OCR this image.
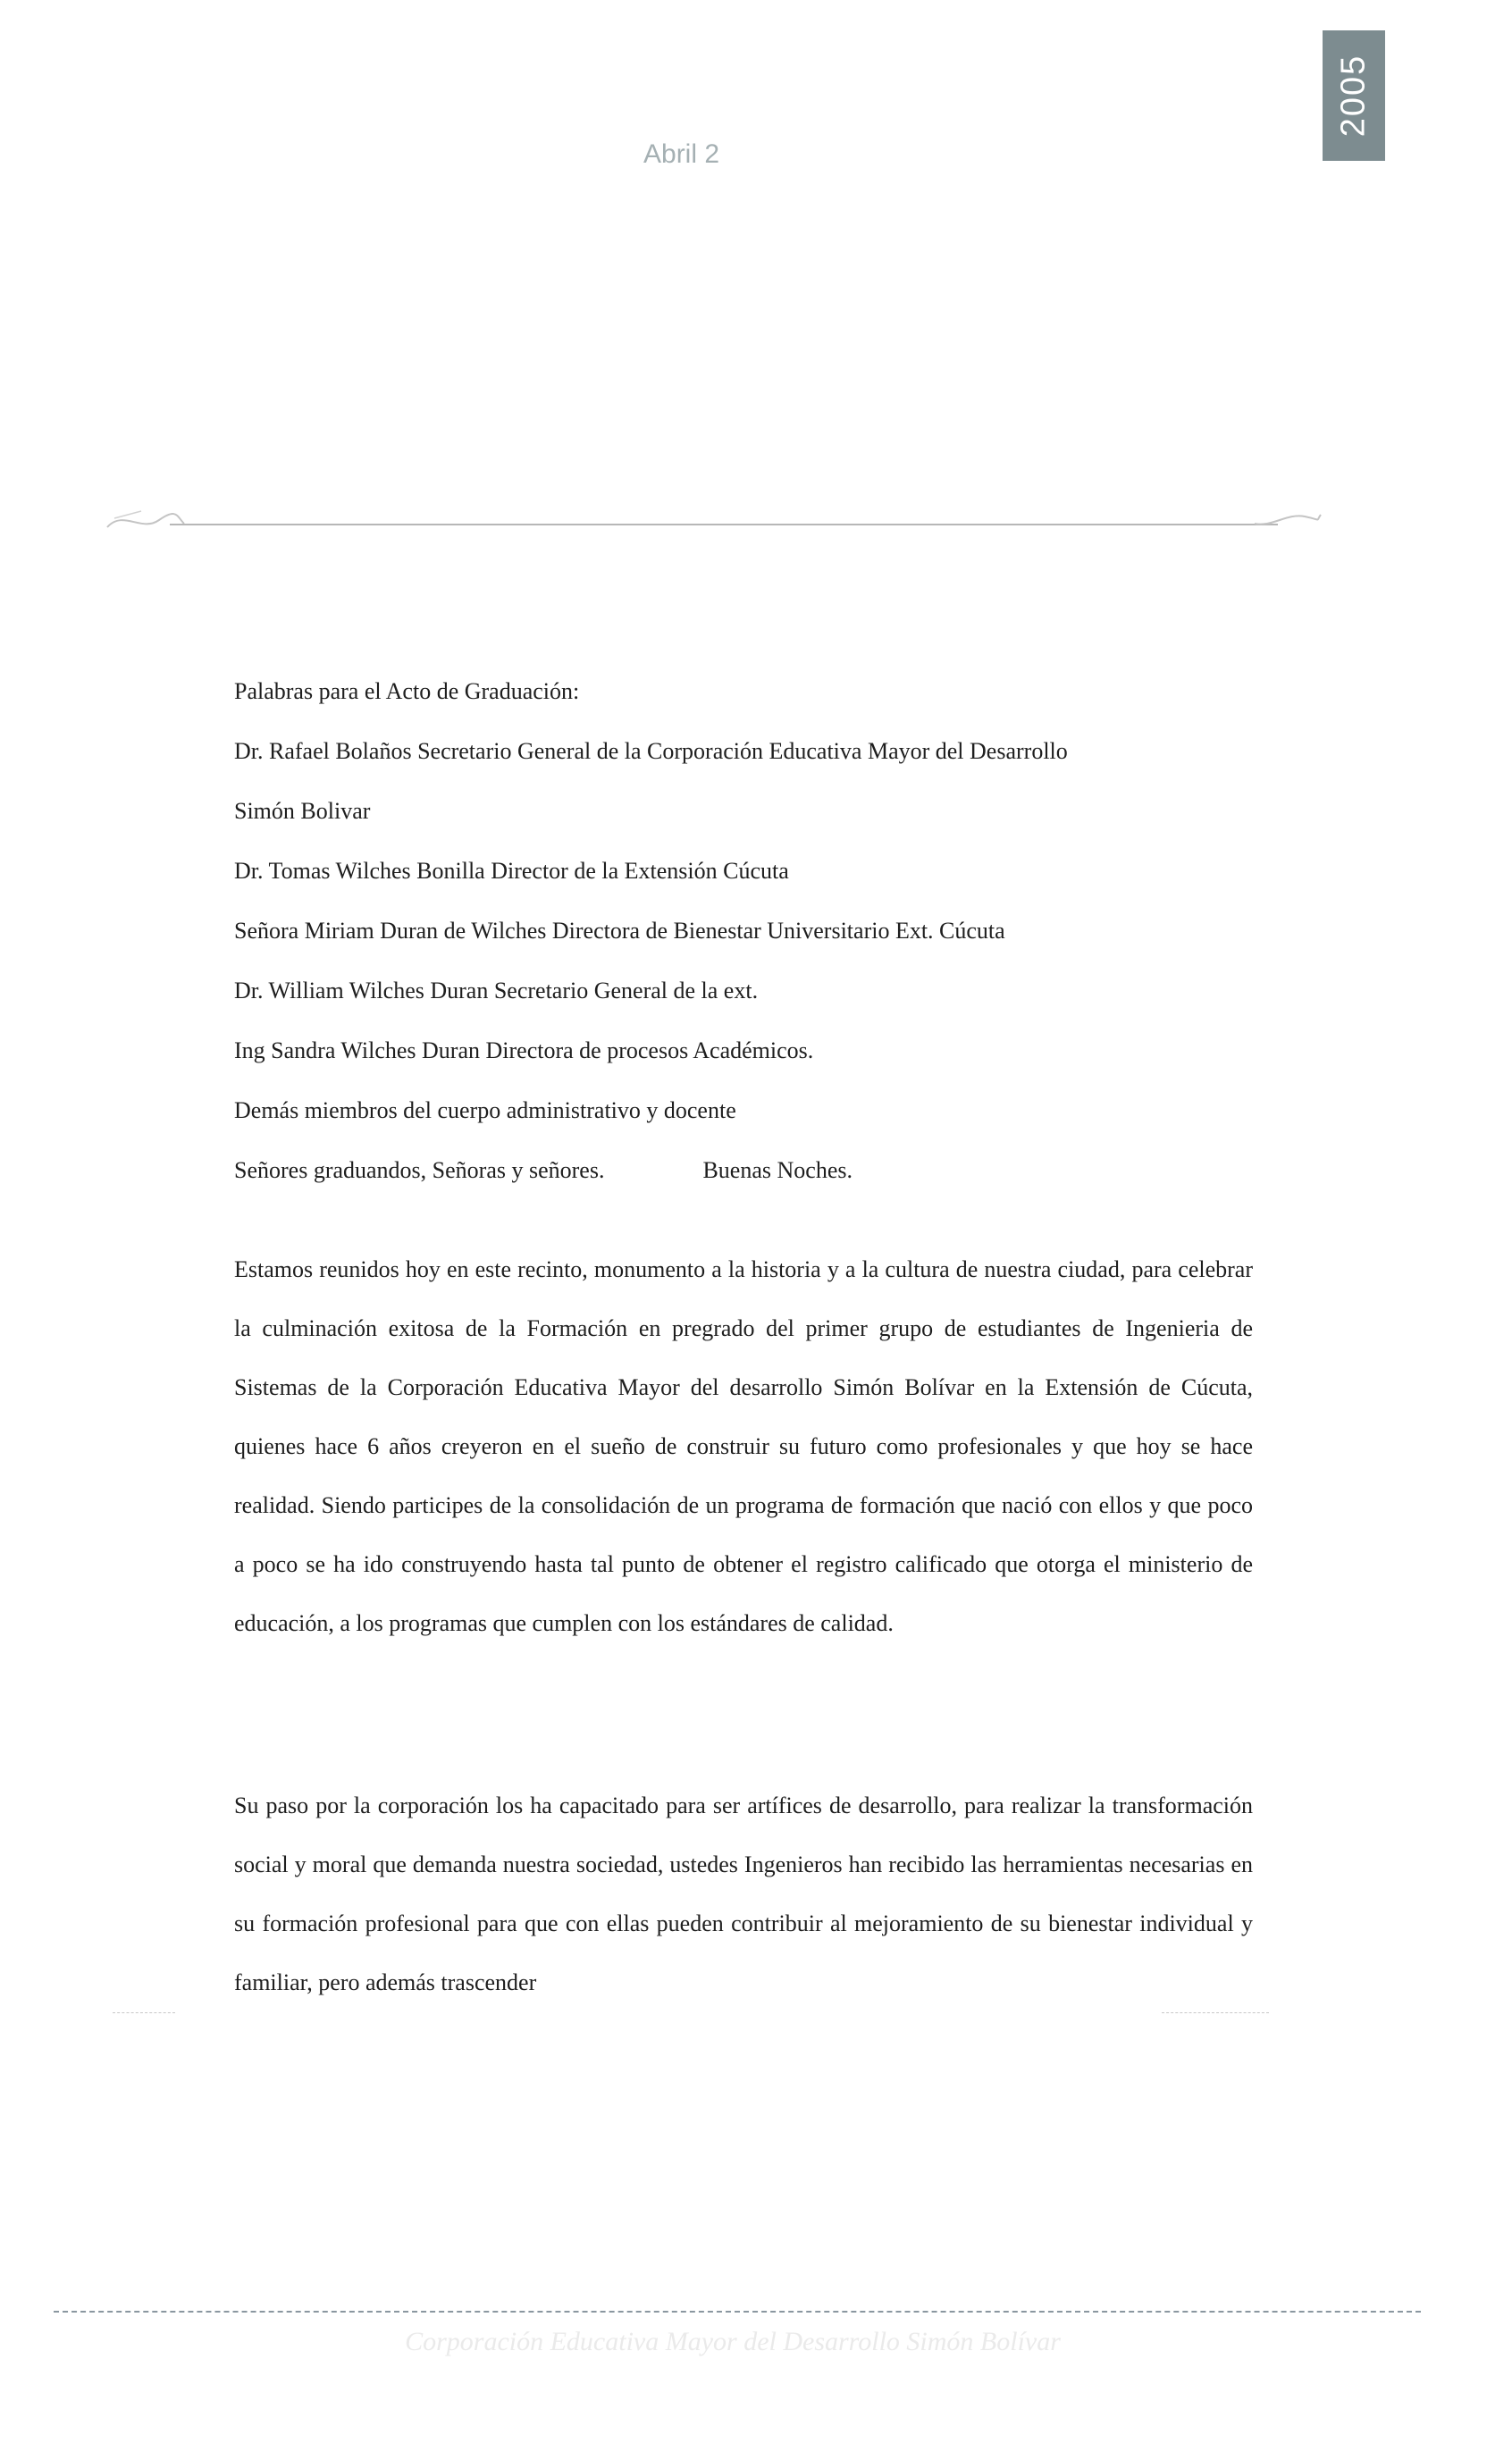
2005
Abril 2
Palabras para el Acto de Graduación:
Dr. Rafael Bolaños Secretario General de la Corporación Educativa Mayor del Desarrollo
Simón Bolivar
Dr. Tomas Wilches Bonilla Director de la Extensión Cúcuta
Señora Miriam Duran de Wilches Directora de Bienestar Universitario Ext. Cúcuta
Dr. William Wilches Duran Secretario General de la ext.
Ing Sandra Wilches Duran Directora de procesos Académicos.
Demás miembros del cuerpo administrativo y docente
Señores graduandos, Señoras y señores.	Buenas Noches.

Estamos reunidos hoy en este recinto, monumento a la historia y a la cultura de nuestra ciudad, para celebrar la culminación exitosa de la Formación en pregrado del primer grupo de estudiantes de Ingenieria de Sistemas de la Corporación Educativa Mayor del desarrollo Simón Bolívar en la Extensión de Cúcuta, quienes hace 6 años creyeron en el sueño de construir su futuro como profesionales y que hoy se hace realidad. Siendo participes de la consolidación de un programa de formación que nació con ellos y que poco a poco se ha ido construyendo hasta tal punto de obtener el registro calificado que otorga el ministerio de educación, a los programas que cumplen con los estándares de calidad.

Su paso por la corporación los ha capacitado para ser artífices de desarrollo, para realizar la transformación social y moral que demanda nuestra sociedad, ustedes Ingenieros han recibido las herramientas necesarias en su formación profesional para que con ellas pueden contribuir al mejoramiento de su bienestar individual y familiar, pero además trascender

Corporación Educativa Mayor del Desarrollo Simón Bolívar
